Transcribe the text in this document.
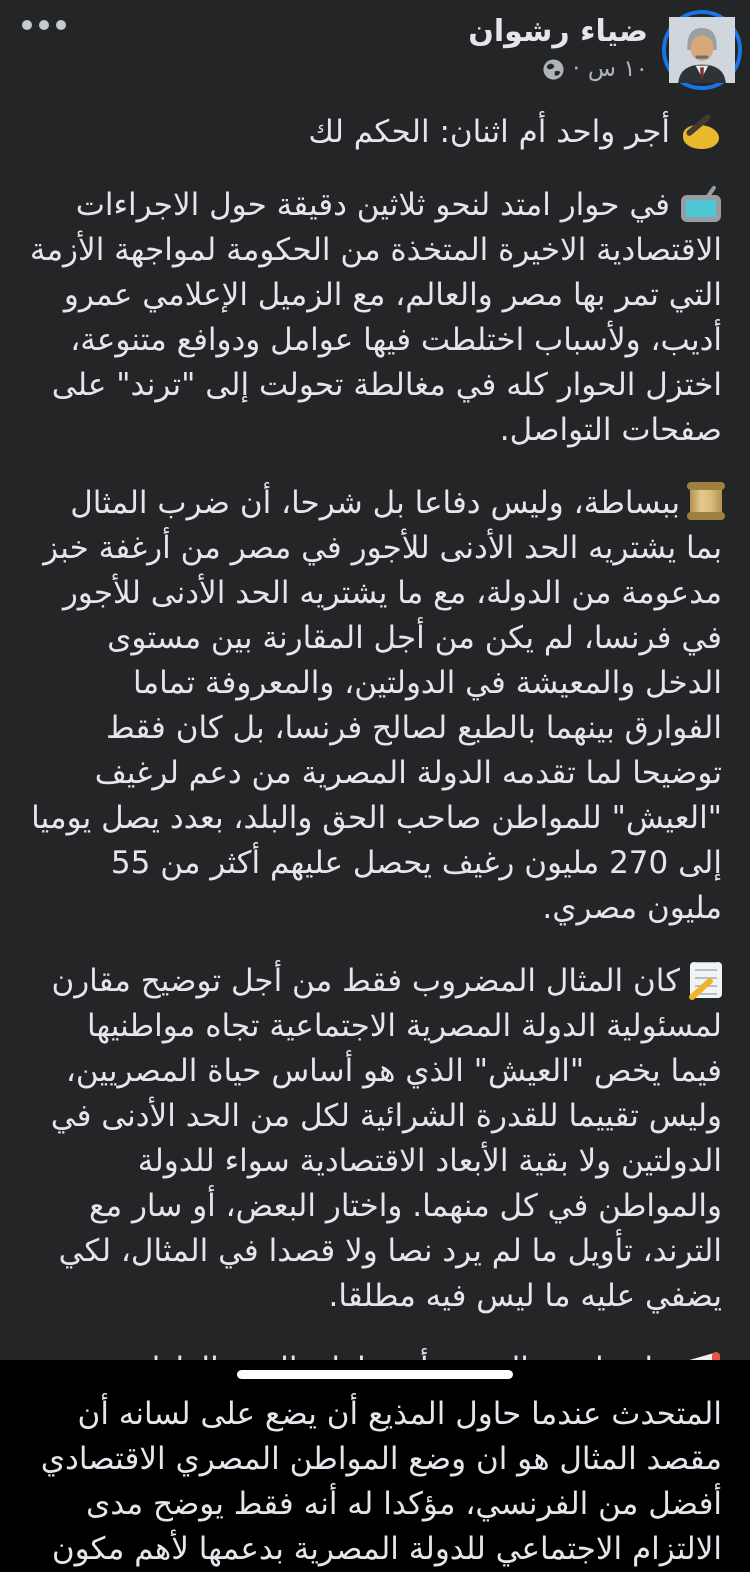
ضياء رشوان
١٠ س
·

أجر واحد أم اثنان: الحكم لك

في حوار امتد لنحو ثلاثين دقيقة حول الاجراءات الاقتصادية الاخيرة المتخذة من الحكومة لمواجهة الأزمة التي تمر بها مصر والعالم، مع الزميل الإعلامي عمرو أديب، ولأسباب اختلطت فيها عوامل ودوافع متنوعة، اختزل الحوار كله في مغالطة تحولت إلى "ترند" على صفحات التواصل.

ببساطة، وليس دفاعا بل شرحا، أن ضرب المثال بما يشتريه الحد الأدنى للأجور في مصر من أرغفة خبز مدعومة من الدولة، مع ما يشتريه الحد الأدنى للأجور في فرنسا، لم يكن من أجل المقارنة بين مستوى الدخل والمعيشة في الدولتين، والمعروفة تماما الفوارق بينهما بالطبع لصالح فرنسا، بل كان فقط توضيحا لما تقدمه الدولة المصرية من دعم لرغيف "العيش" للمواطن صاحب الحق والبلد، بعدد يصل يوميا إلى 270 مليون رغيف يحصل عليهم أكثر من 55 مليون مصري.

كان المثال المضروب فقط من أجل توضيح مقارن لمسئولية الدولة المصرية الاجتماعية تجاه مواطنيها فيما يخص "العيش" الذي هو أساس حياة المصريين، وليس تقييما للقدرة الشرائية لكل من الحد الأدنى في الدولتين ولا بقية الأبعاد الاقتصادية سواء للدولة والمواطن في كل منهما. واختار البعض، أو سار مع الترند، تأويل ما لم يرد نصا ولا قصدا في المثال، لكي يضفي عليه ما ليس فيه مطلقا.

المتحدث عندما حاول المذيع أن يضع على لسانه أن مقصد المثال هو ان وضع المواطن المصري الاقتصادي أفضل من الفرنسي، مؤكدا له أنه فقط يوضح مدى الالتزام الاجتماعي للدولة المصرية بدعمها لأهم مكون
